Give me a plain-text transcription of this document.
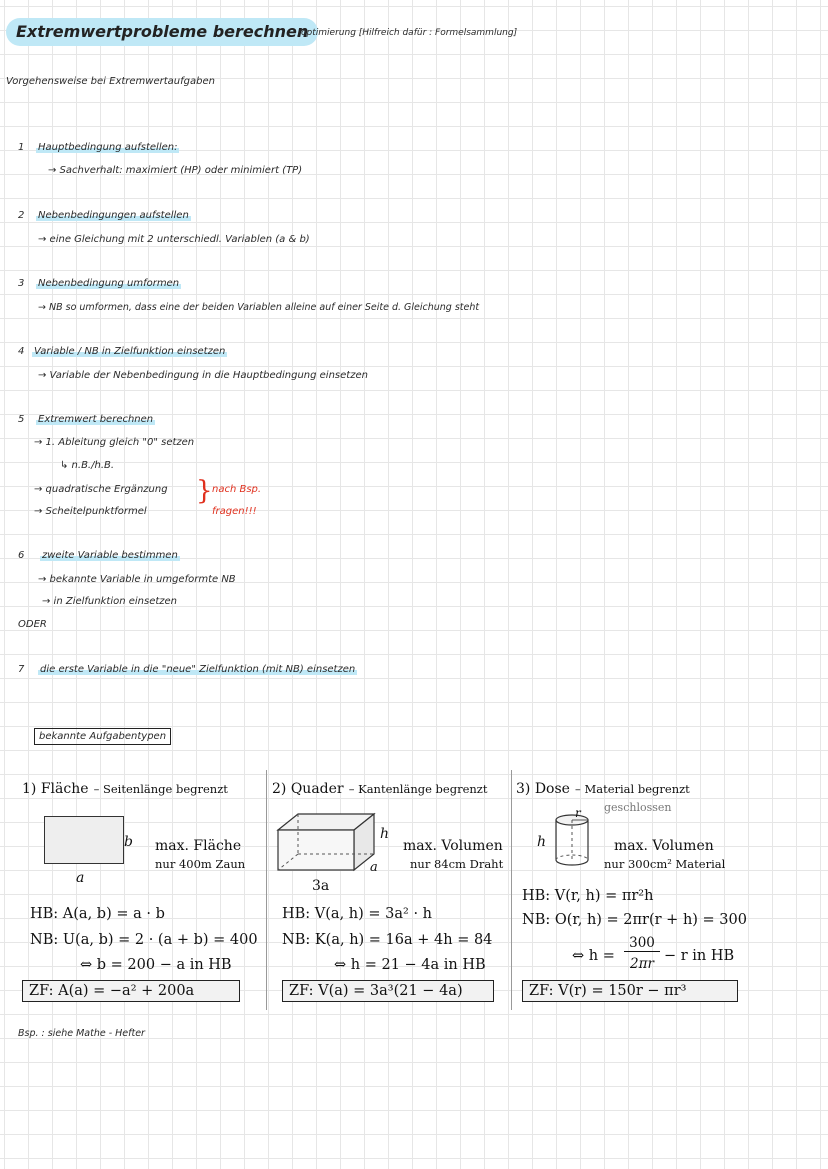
Extremwertprobleme berechnen
/optimierung [Hilfreich dafür : Formelsammlung]
Vorgehensweise bei Extremwertaufgaben
1 Hauptbedingung aufstellen:
→ Sachverhalt: maximiert (HP) oder minimiert (TP)
2 Nebenbedingungen aufstellen
→ eine Gleichung mit 2 unterschiedl. Variablen (a & b)
3 Nebenbedingung umformen
→ NB so umformen, dass eine der beiden Variablen alleine auf einer Seite d. Gleichung steht
4 Variable / NB in Zielfunktion einsetzen
→ Variable der Nebenbedingung in die Hauptbedingung einsetzen
5 Extremwert berechnen
→ 1. Ableitung gleich "0" setzen
↳ n.B./h.B.
→ quadratische Ergänzung
→ Scheitelpunktformel
} nach Bsp.
fragen!!!
6 zweite Variable bestimmen
→ bekannte Variable in umgeformte NB
→ in Zielfunktion einsetzen
ODER
7 die erste Variable in die "neue" Zielfunktion (mit NB) einsetzen
bekannte Aufgabentypen
1) Fläche – Seitenlänge begrenzt
b
a
max. Fläche
nur 400m Zaun
HB: A(a, b) = a · b
NB: U(a, b) = 2 · (a + b) = 400
⇔ b = 200 − a in HB
ZF: A(a) = −a² + 200a
2) Quader – Kantenlänge begrenzt
h
a
3a
max. Volumen
nur 84cm Draht
HB: V(a, h) = 3a² · h
NB: K(a, h) = 16a + 4h = 84
⇔ h = 21 − 4a in HB
ZF: V(a) = 3a³(21 − 4a)
3) Dose – Material begrenzt
geschlossen
h
r
max. Volumen
nur 300cm² Material
HB: V(r, h) = πr²h
NB: O(r, h) = 2πr(r + h) = 300
⇔ h =
300
2πr − r in HB
ZF: V(r) = 150r − πr³
Bsp. : siehe Mathe - Hefter
